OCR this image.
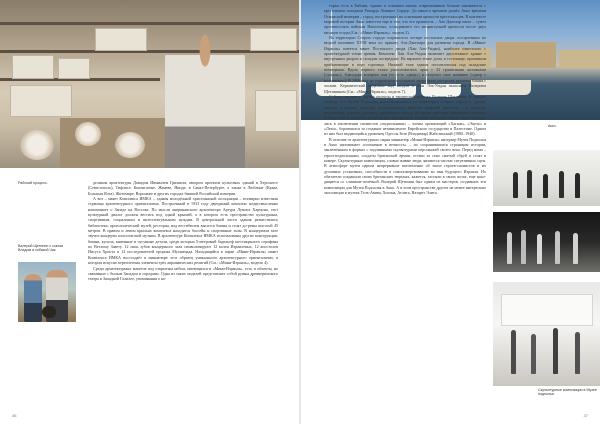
Рабочий процесс.
Валерий Щетинин с сыном Владом и собакой Чак.

деликом архитектуры Давидом Иванычем Гриммом, автором проектов культовых зданий в Херсонесе (Севастополь), Тифлисе, Копенгагене, Женеве, Ницце, в Санкт-Петербурге, а также в Люблине (Крым, Большая Ялта). Житомире, Воронеже и других городах бывшей Российской империи.

А вот – макет Комплекса ИМКА – здания молодёжной христианской ассоциации – всемирно известная страница архитектурного ориентализма. Построенный в 1933 году двуединый комплекс недвусмысленно напоминает о Западе на Востоке. По мысли американского архитектора Артура Лумиса Хармона, этот культурный диалог должен вестись под одной крышей, а в котором есть пространство культурным, спортивным, социальным и интеллектуальным нуждам. В центральной части здания разместились библиотека, археологический музей, ресторан, над вестибюлем высится башня и стоят до-ремы высотой 45 метров. В правом и левом крыльях комплекса находятся бассейн и спортивные залы. В концертном зале звучит концерты классической музыки. В архитектуре Комплекса ИМКА использованы другие конструкции, башни, купола, каменные и чугунные детали, среди которых 5-метровый барельеф шестикрылого серафима по Ветхому Завету. 12 окон зубов концертного зала символизируют 12 колен Израилевых, 12 апостолов Иисуса Христа и 12 последователей пророка Мухаммада. Находящийся в парке «Мини-Израиля» макет Комплекса ИМКА воссоздаёт в миниатюре этот образец уникального архитектурного ориентализма, в котором искусно переплетены элементы трёх авраамических религий (См.: «Мини-Израиль», модель 4).

Среди архитектурных макетов под открытым небом, имеющихся в «Мини-Израиль», есть и объекты, не связанные с былым Западом и городами. Одна из таких моделей представляет собой руины древнеримского театра в Западной Галилее, упоминания о ко-

36
Акко.

торых есть в Библии, однако в сознании наших современников больше связывается с крестовыми походами Ричарда Львиное Сердце. До нашего времени дошёл Акко времени Османской империи – город, построенный на основании крепости крестоносцев. В контексте мировой истории Акко известен еще и тем, что его правитель – Аль-Джаззар паша – сумел противостоять войскам Наполеона, осаждавшего его неприступной крепости после двух месяцев осады (См.: «Мини-Израиль», модель 2).

На территории Старого города сохранилось четыре постоялых двора, построенных во второй половине XVIII века по приказу Аль-Джаззара для развития города. В «Мини-Израиль» имеется макет Постоялого двора (Хан Аль-Умдан), наиболее известного с архитектурной точки зрения. Комплекс Хан Аль-Умдан включает двухэтажное здание с внутренним двором и складом посередине. На верхнем этаже дома, в гостинице, проживали прибывающие в порт торговцы. Нижний этаж здания использовался под складские помещения. Вдоль первого этажа расположились арки с 32 гранитными колоннами («умдан»), благодаря которым хан (то есть «двор») и получил свое название («двор с колоннами»). В 1906 году на территории постоялого двора была построена красивая башня с часами. Керамический медальон над входом в Хан Эль-Умдан выполнен Валерием Щетининым (См.: «Мини-Израиль», модель 7).

С Акко связаны и другие проекты в творческой копилке Валерия Щетинина. В первую очередь, это Музей Подполья, располагающийся на территории Старого города в здании, которое в разные периоды использовалось качестве военной крепости – в качестве резиденции, тюрьмы, казармы, оружейного склада. Во время действия Британского мандата в Палестине в крепости размещалась центральная тюрьма северной страны. Здесь находились в заключении сионистов «подпольники» – члены организаций «Хагана», «Эцель» и «Лехи», боровшихся за создание независимого Еврейского государства в Палестине. Одним из них был выдающийся уроженец Одессы Зеэв (Владимир) Жаботинский (1880–1940).

В отличие от архитектурного парка миниатюр «Мини-Израиль» интерьер Музея Подполья в Акко напоминает «погонение в вечность» – по сохранившимся страницам истории, заключённым в формах с подлинными скульптурами персонажей своего века. Перед нами – герои-подпольщики, солдаты британской армии, отсеки за сено сжатый сбруй и стоят в камере. Скульптурные композиции, словно живые люди, являются частью ситуативных сцен. В атмосфере музея царила непрерывное впечатление об эпохе героев-сионистов и их духовных установках, способности в самопожертвованию во имя будущего Израиля. Но обитатели сохранили своих британских тюрьмах, кажется, застыли в своих позах, еще находящиеся со слишком-почётной. Валерий Щетинин был одним из мастеров, создавших эти композиции для Музея Подполья в Акко. А в этом пространстве других не менее интересные экспозиции в музеях Тель-Авива, Холона, Атлита, Назарет Элита.

Скульптурные композиции в Музее подполья.
37
